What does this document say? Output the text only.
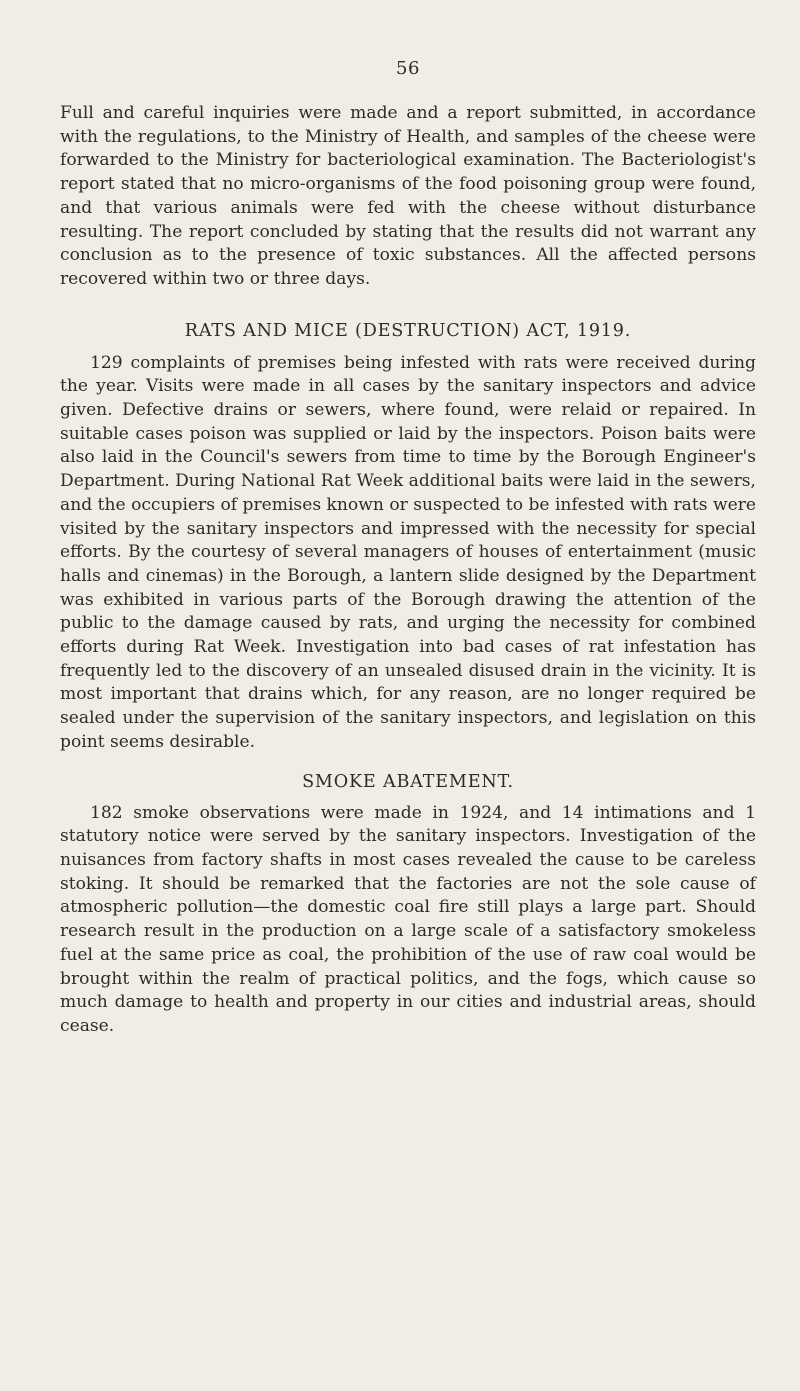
56

Full and careful inquiries were made and a report submitted, in accordance with the regulations, to the Ministry of Health, and samples of the cheese were forwarded to the Ministry for bacteriological examination. The Bacteriologist's report stated that no micro-organisms of the food poisoning group were found, and that various animals were fed with the cheese without disturbance resulting. The report concluded by stating that the results did not warrant any conclusion as to the presence of toxic substances. All the affected persons recovered within two or three days.

RATS AND MICE (DESTRUCTION) ACT, 1919.

129 complaints of premises being infested with rats were received during the year. Visits were made in all cases by the sanitary inspectors and advice given. Defective drains or sewers, where found, were relaid or repaired. In suitable cases poison was supplied or laid by the inspectors. Poison baits were also laid in the Council's sewers from time to time by the Borough Engineer's Department. During National Rat Week additional baits were laid in the sewers, and the occupiers of premises known or suspected to be infested with rats were visited by the sanitary inspectors and impressed with the necessity for special efforts. By the courtesy of several managers of houses of entertainment (music halls and cinemas) in the Borough, a lantern slide designed by the Department was exhibited in various parts of the Borough drawing the attention of the public to the damage caused by rats, and urging the necessity for combined efforts during Rat Week. Investigation into bad cases of rat infestation has frequently led to the discovery of an unsealed disused drain in the vicinity. It is most important that drains which, for any reason, are no longer required be sealed under the supervision of the sanitary inspectors, and legislation on this point seems desirable.

SMOKE ABATEMENT.

182 smoke observations were made in 1924, and 14 intimations and 1 statutory notice were served by the sanitary inspectors. Investigation of the nuisances from factory shafts in most cases revealed the cause to be careless stoking. It should be remarked that the factories are not the sole cause of atmospheric pollution—the domestic coal fire still plays a large part. Should research result in the production on a large scale of a satisfactory smokeless fuel at the same price as coal, the prohibition of the use of raw coal would be brought within the realm of practical politics, and the fogs, which cause so much damage to health and property in our cities and industrial areas, should cease.
